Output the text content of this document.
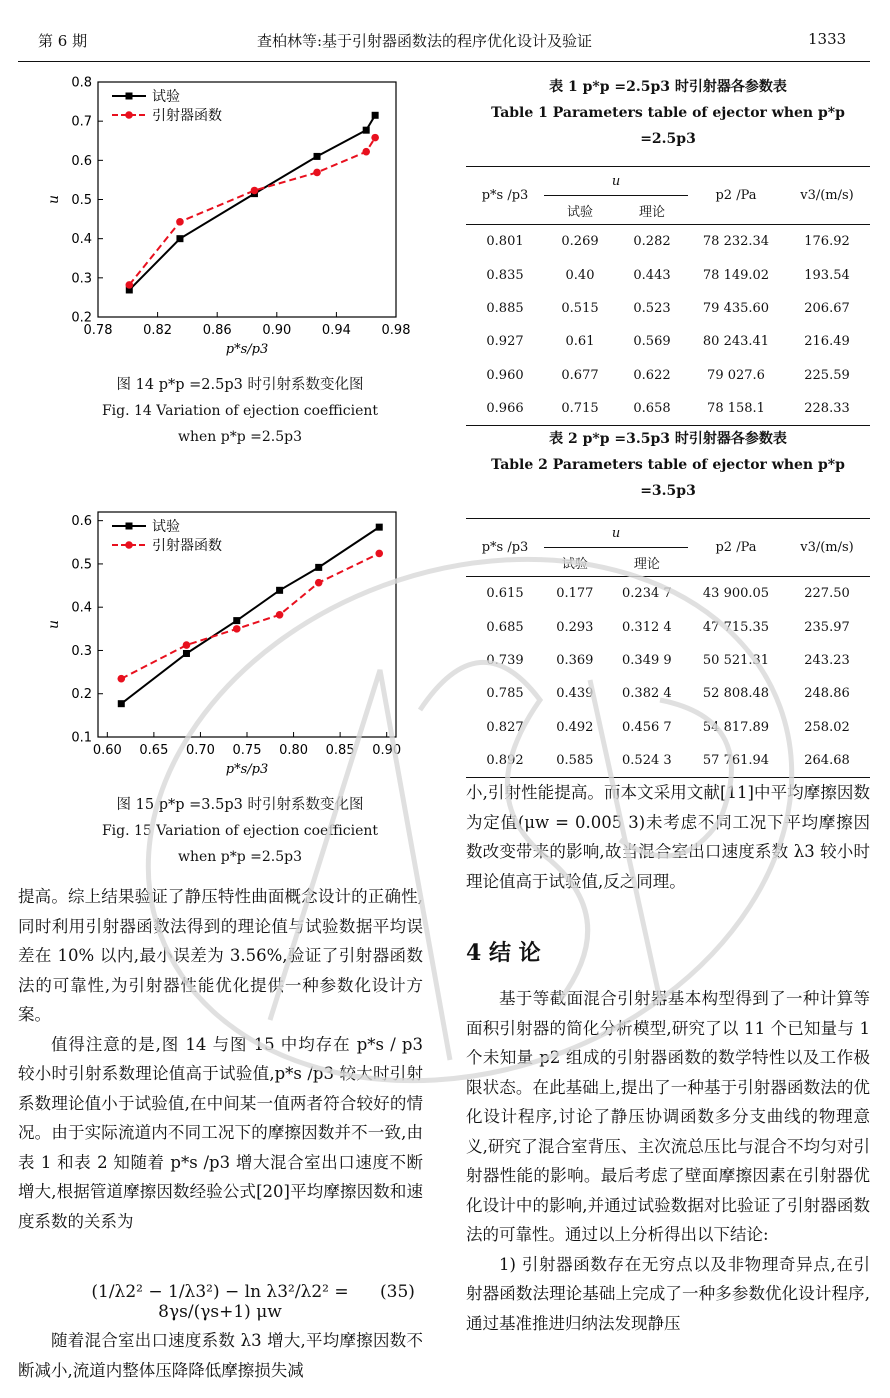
第 6 期	查柏林等:基于引射器函数法的程序优化设计及验证	1333
0.78 0.82 0.86 0.90 0.94 0.98
0.2
0.3
0.4
0.5
0.6
0.7
0.8
u
p*s/p3
试验
引射器函数
图 14 p*p =2.5p3 时引射系数变化图
Fig. 14 Variation of ejection coefficient
when p*p =2.5p3
0.60 0.65 0.70 0.75 0.80 0.85 0.90
0.1
0.2
0.3
0.4
0.5
0.6
u
p*s/p3
试验
引射器函数
图 15 p*p =3.5p3 时引射系数变化图
Fig. 15 Variation of ejection coefficient
when p*p =2.5p3
表 1 p*p =2.5p3 时引射器各参数表
Table 1 Parameters table of ejector when p*p =2.5p3
p*s /p3	u		p2 /Pa	v3/(m/s)
	试验	理论		
0.801	0.269	0.282	78 232.34	176.92
0.835	0.40	0.443	78 149.02	193.54
0.885	0.515	0.523	79 435.60	206.67
0.927	0.61	0.569	80 243.41	216.49
0.960	0.677	0.622	79 027.6	225.59
0.966	0.715	0.658	78 158.1	228.33
表 2 p*p =3.5p3 时引射器各参数表
Table 2 Parameters table of ejector when p*p =3.5p3
p*s /p3	u		p2 /Pa	v3/(m/s)
	试验	理论		
0.615	0.177	0.234 7	43 900.05	227.50
0.685	0.293	0.312 4	47 715.35	235.97
0.739	0.369	0.349 9	50 521.31	243.23
0.785	0.439	0.382 4	52 808.48	248.86
0.827	0.492	0.456 7	54 817.89	258.02
0.892	0.585	0.524 3	57 761.94	264.68

提高。综上结果验证了静压特性曲面概念设计的正确性,同时利用引射器函数法得到的理论值与试验数据平均误差在 10% 以内,最小误差为 3.56%,验证了引射器函数法的可靠性,为引射器性能优化提供一种参数化设计方案。

值得注意的是,图 14 与图 15 中均存在 p*s / p3 较小时引射系数理论值高于试验值,p*s /p3 较大时引射系数理论值小于试验值,在中间某一值两者符合较好的情况。由于实际流道内不同工况下的摩擦因数并不一致,由表 1 和表 2 知随着 p*s /p3 增大混合室出口速度不断增大,根据管道摩擦因数经验公式[20]平均摩擦因数和速度系数的关系为

(1/λ2² − 1/λ3²) − ln λ3²/λ2² = 8γs/(γs+1) μw
(35)

随着混合室出口速度系数 λ3 增大,平均摩擦因数不断减小,流道内整体压降降低摩擦损失减

小,引射性能提高。而本文采用文献[11]中平均摩擦因数为定值(μw = 0.005 3)未考虑不同工况下平均摩擦因数改变带来的影响,故当混合室出口速度系数 λ3 较小时理论值高于试验值,反之同理。

4 结 论

基于等截面混合引射器基本构型得到了一种计算等面积引射器的简化分析模型,研究了以 11 个已知量与 1 个未知量 p2 组成的引射器函数的数学特性以及工作极限状态。在此基础上,提出了一种基于引射器函数法的优化设计程序,讨论了静压协调函数多分支曲线的物理意义,研究了混合室背压、主次流总压比与混合不均匀对引射器性能的影响。最后考虑了壁面摩擦因素在引射器优化设计中的影响,并通过试验数据对比验证了引射器函数法的可靠性。通过以上分析得出以下结论:

1) 引射器函数存在无穷点以及非物理奇异点,在引射器函数法理论基础上完成了一种多参数优化设计程序,通过基准推进归纳法发现静压
